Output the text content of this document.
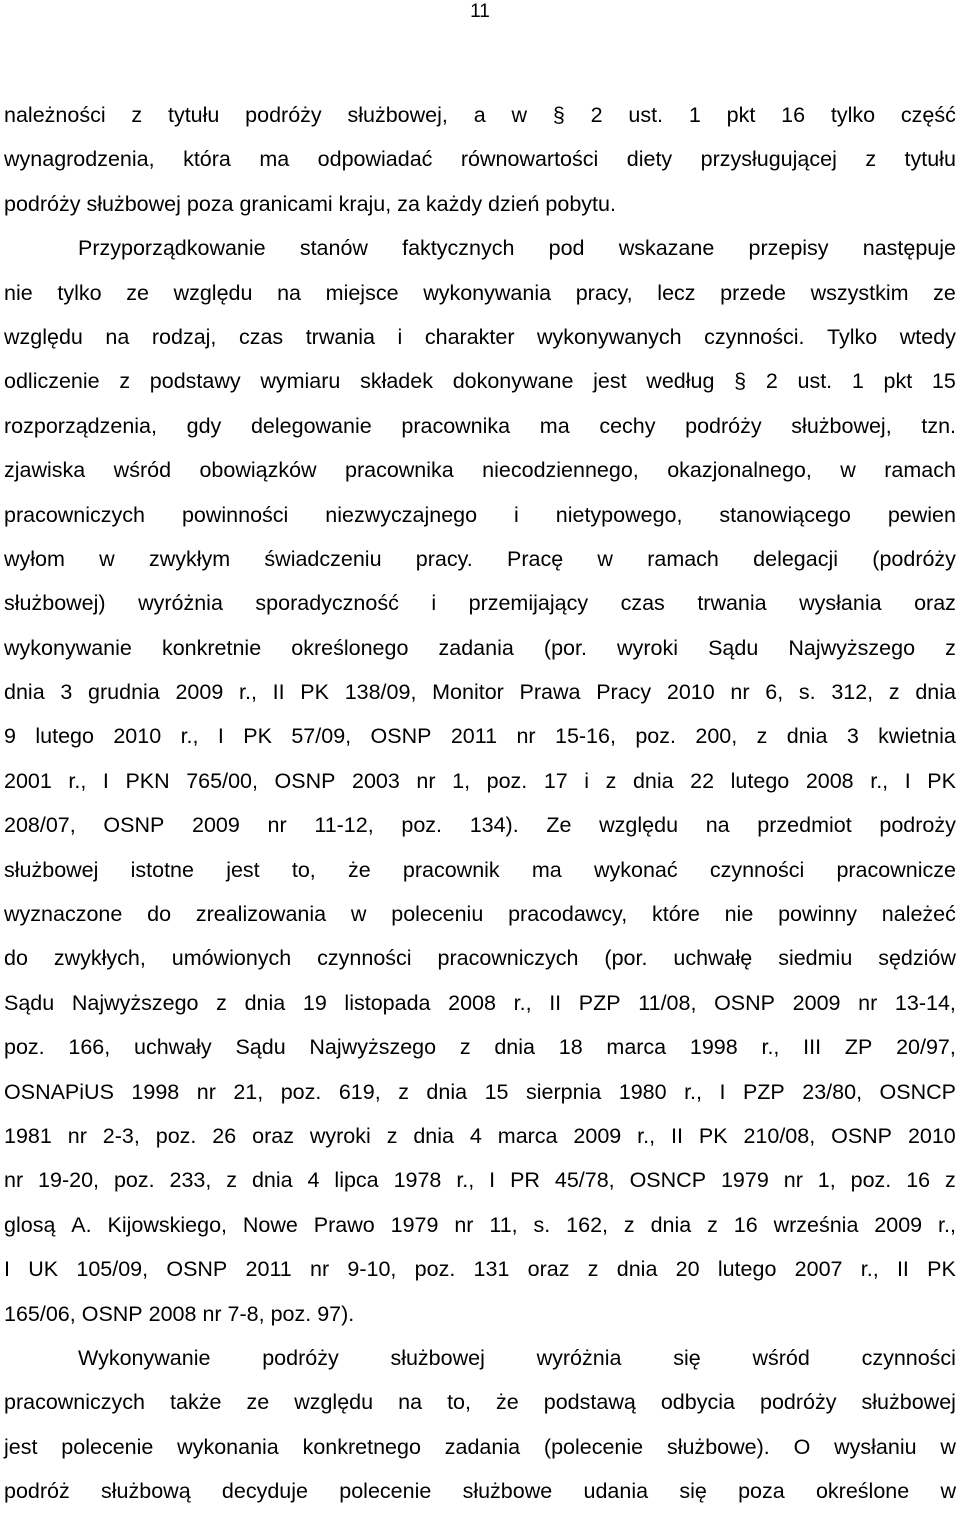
11
należności z tytułu podróży służbowej, a w § 2 ust. 1 pkt 16 tylko część
wynagrodzenia, która ma odpowiadać równowartości diety przysługującej z tytułu
podróży służbowej poza granicami kraju, za każdy dzień pobytu.
Przyporządkowanie stanów faktycznych pod wskazane przepisy następuje
nie tylko ze względu na miejsce wykonywania pracy, lecz przede wszystkim ze
względu na rodzaj, czas trwania i charakter wykonywanych czynności. Tylko wtedy
odliczenie z podstawy wymiaru składek dokonywane jest według § 2 ust. 1 pkt 15
rozporządzenia, gdy delegowanie pracownika ma cechy podróży służbowej, tzn.
zjawiska wśród obowiązków pracownika niecodziennego, okazjonalnego, w ramach
pracowniczych powinności niezwyczajnego i nietypowego, stanowiącego pewien
wyłom w zwykłym świadczeniu pracy. Pracę w ramach delegacji (podróży
służbowej) wyróżnia sporadyczność i przemijający czas trwania wysłania oraz
wykonywanie konkretnie określonego zadania (por. wyroki Sądu Najwyższego z
dnia 3 grudnia 2009 r., II PK 138/09, Monitor Prawa Pracy 2010 nr 6, s. 312, z dnia
9 lutego 2010 r., I PK 57/09, OSNP 2011 nr 15-16, poz. 200, z dnia 3 kwietnia
2001 r., I PKN 765/00, OSNP 2003 nr 1, poz. 17 i z dnia 22 lutego 2008 r., I PK
208/07, OSNP 2009 nr 11-12, poz. 134). Ze względu na przedmiot podroży
służbowej istotne jest to, że pracownik ma wykonać czynności pracownicze
wyznaczone do zrealizowania w poleceniu pracodawcy, które nie powinny należeć
do zwykłych, umówionych czynności pracowniczych (por. uchwałę siedmiu sędziów
Sądu Najwyższego z dnia 19 listopada 2008 r., II PZP 11/08, OSNP 2009 nr 13-14,
poz. 166, uchwały Sądu Najwyższego z dnia 18 marca 1998 r., III ZP 20/97,
OSNAPiUS 1998 nr 21, poz. 619, z dnia 15 sierpnia 1980 r., I PZP 23/80, OSNCP
1981 nr 2-3, poz. 26 oraz wyroki z dnia 4 marca 2009 r., II PK 210/08, OSNP 2010
nr 19-20, poz. 233, z dnia 4 lipca 1978 r., I PR 45/78, OSNCP 1979 nr 1, poz. 16 z
glosą A. Kijowskiego, Nowe Prawo 1979 nr 11, s. 162, z dnia z 16 września 2009 r.,
I UK 105/09, OSNP 2011 nr 9-10, poz. 131 oraz z dnia 20 lutego 2007 r., II PK
165/06, OSNP 2008 nr 7-8, poz. 97).
Wykonywanie podróży służbowej wyróżnia się wśród czynności
pracowniczych także ze względu na to, że podstawą odbycia podróży służbowej
jest polecenie wykonania konkretnego zadania (polecenie służbowe). O wysłaniu w
podróż służbową decyduje polecenie służbowe udania się poza określone w
